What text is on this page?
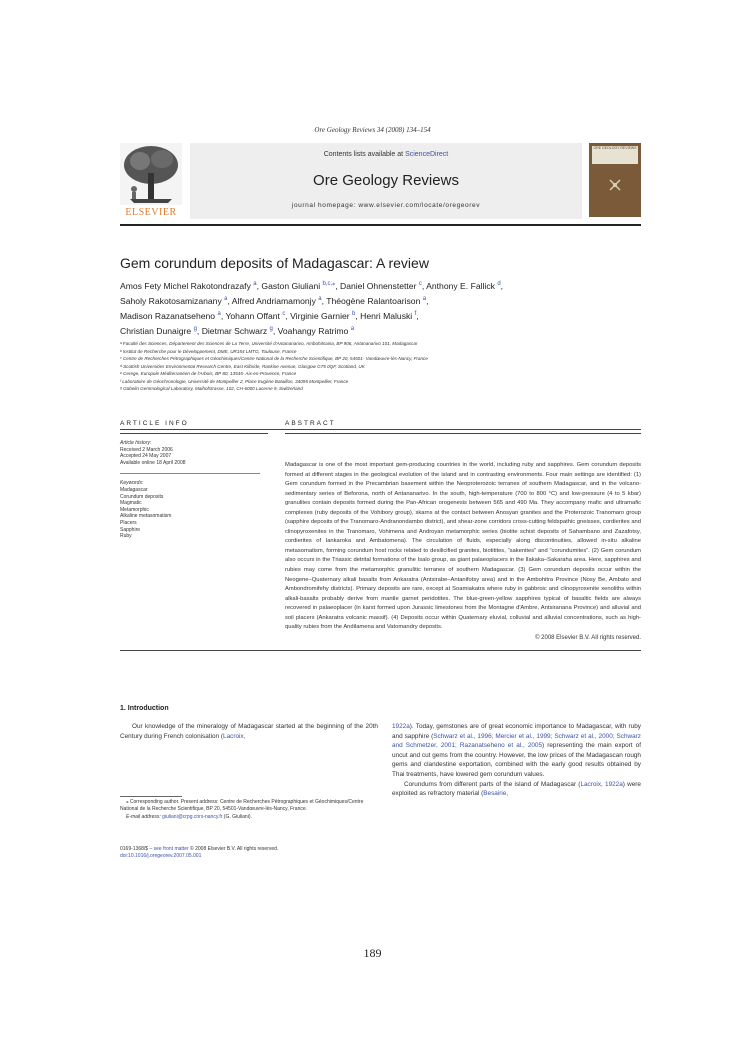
Ore Geology Reviews 34 (2008) 134–154
ELSEVIER
Contents lists available at ScienceDirect
Ore Geology Reviews
journal homepage: www.elsevier.com/locate/oregeorev
ORE GEOLOGY REVIEWS
Gem corundum deposits of Madagascar: A review
Amos Fety Michel Rakotondrazafy $^a$, Gaston Giuliani $^{b,c,⁎}$, Daniel Ohnenstetter $^c$, Anthony E. Fallick $^d$,
Saholy Rakotosamizanany $^a$, Alfred Andriamamonjy $^a$, Théogène Ralantoarison $^a$,
Madison Razanatseheno $^a$, Yohann Offant $^c$, Virginie Garnier $^b$, Henri Maluski $^f$,
Christian Dunaigre $^g$, Dietmar Schwarz $^g$, Voahangy Ratrimo $^a$
ᵃ Faculté des Sciences, Département des Sciences de La Terre, Université d'Antananarivo, Ambohitsaina, BP 906, Antananarivo 101, Madagascar
ᵇ Institut de Recherche pour le Développement, DME, UR154 LMTG, Toulouse, France
ᶜ Centre de Recherches Pétrographiques et Géochimiques/Centre National de la Recherche Scientifique, BP 20, 54501- Vandœuvre-lès-Nancy, France
ᵈ Scottish Universities Environmental Research Centre, East Kilbride, Rankine Avenue, Glasgow G75 0QF, Scotland, UK
ᵉ Cerege, Europole Méditerranéen de l'Arbois, BP 80, 13545- Aix-en-Provence, France
ᶠ Laboratoire de Géochronologie, Université de Montpellier 2, Place Eugène Bataillon, 34095 Montpellier, France
ᵍ Gübelin Gemmological Laboratory, Maihofstrasse, 102, CH-6000 Lucerne 9, Switzerland
ARTICLE INFO	ABSTRACT
Article history:
Received 2 March 2006
Accepted 24 May 2007
Available online 18 April 2008
Keywords:
Madagascar
Corundum deposits
Magmatic
Metamorphic
Alkaline metasomatism
Placers
Sapphire
Ruby
Madagascar is one of the most important gem-producing countries in the world, including ruby and sapphires. Gem corundum deposits formed at different stages in the geological evolution of the island and in contrasting environments. Four main settings are identified: (1) Gem corundum formed in the Precambrian basement within the Neoproterozoic terranes of southern Madagascar, and in the volcano-sedimentary series of Beforona, north of Antananarivo. In the south, high-temperature (700 to 800 °C) and low-pressure (4 to 5 kbar) granulites contain deposits formed during the Pan-African orogenesis between 565 and 490 Ma. They accompany mafic and ultramafic complexes (ruby deposits of the Vohibory group), skarns at the contact between Anosyan granites and the Proterozoic Tranomaro group (sapphire deposits of the Tranomaro-Andranondambo district), and shear-zone corridors cross-cutting feldspathic gneisses, cordierites and clinopyroxenites in the Tranomaro, Vohimena and Androyan metamorphic series (biotite schist deposits of Sahambano and Zazafotsy, cordierites of Iankaroka and Ambatomena). The circulation of fluids, especially along discontinuities, allowed in-situ alkaline metasomatism, forming corundum host rocks related to desilicified granites, biotitites, “sakenites” and “corundumites”. (2) Gem corundum also occurs in the Triassic detrital formations of the Isalo group, as giant palaeoplacers in the Ilakaka–Sakaraha area. Here, sapphires and rubies may come from the metamorphic granulitic terranes of southern Madagascar. (3) Gem corundum deposits occur within the Neogene–Quaternary alkali basalts from Ankaratra (Antsirabe–Antanifotsy area) and in the Ambohitra Province (Nosy Be, Ambato and Ambondromifehy districts). Primary deposits are rare, except at Soamiakatra where ruby in gabbroic and clinopyroxenite xenoliths within alkali-basalts probably derive from mantle garnet peridotites. The blue-green-yellow sapphires typical of basaltic fields are always recovered in palaeoplacer (in karst formed upon Jurassic limestones from the Montagne d'Ambre, Antsiranana Province) and alluvial and soil placers (Ankaratra volcanic massif). (4) Deposits occur within Quaternary eluvial, colluvial and alluvial concentrations, such as high-quality rubies from the Andilamena and Vatomandry deposits.
© 2008 Elsevier B.V. All rights reserved.
1. Introduction
Our knowledge of the mineralogy of Madagascar started at the beginning of the 20th Century during French colonisation (Lacroix,
1922a). Today, gemstones are of great economic importance to Madagascar, with ruby and sapphire (Schwarz et al., 1996; Mercier et al., 1999; Schwarz et al., 2000; Schwarz and Schmetzer, 2001; Razanatseheno et al., 2005) representing the main export of uncut and cut gems from the country. However, the low prices of the Madagascan rough gems and clandestine exportation, combined with the early good results obtained by Thai treatments, have lowered gem corundum values.
Corundums from different parts of the island of Madagascar (Lacroix, 1922a) were exploited as refractory material (Besairie,
⁎ Corresponding author. Present address: Centre de Recherches Pétrographiques et Géochimiques/Centre National de la Recherche Scientifique, BP 20, 54501-Vandœuvre-lès-Nancy, France.
E-mail address: giuliani@crpg.cnrs-nancy.fr (G. Giuliani).
0169-1368/$ – see front matter © 2008 Elsevier B.V. All rights reserved.
doi:10.1016/j.oregeorev.2007.05.001
189
